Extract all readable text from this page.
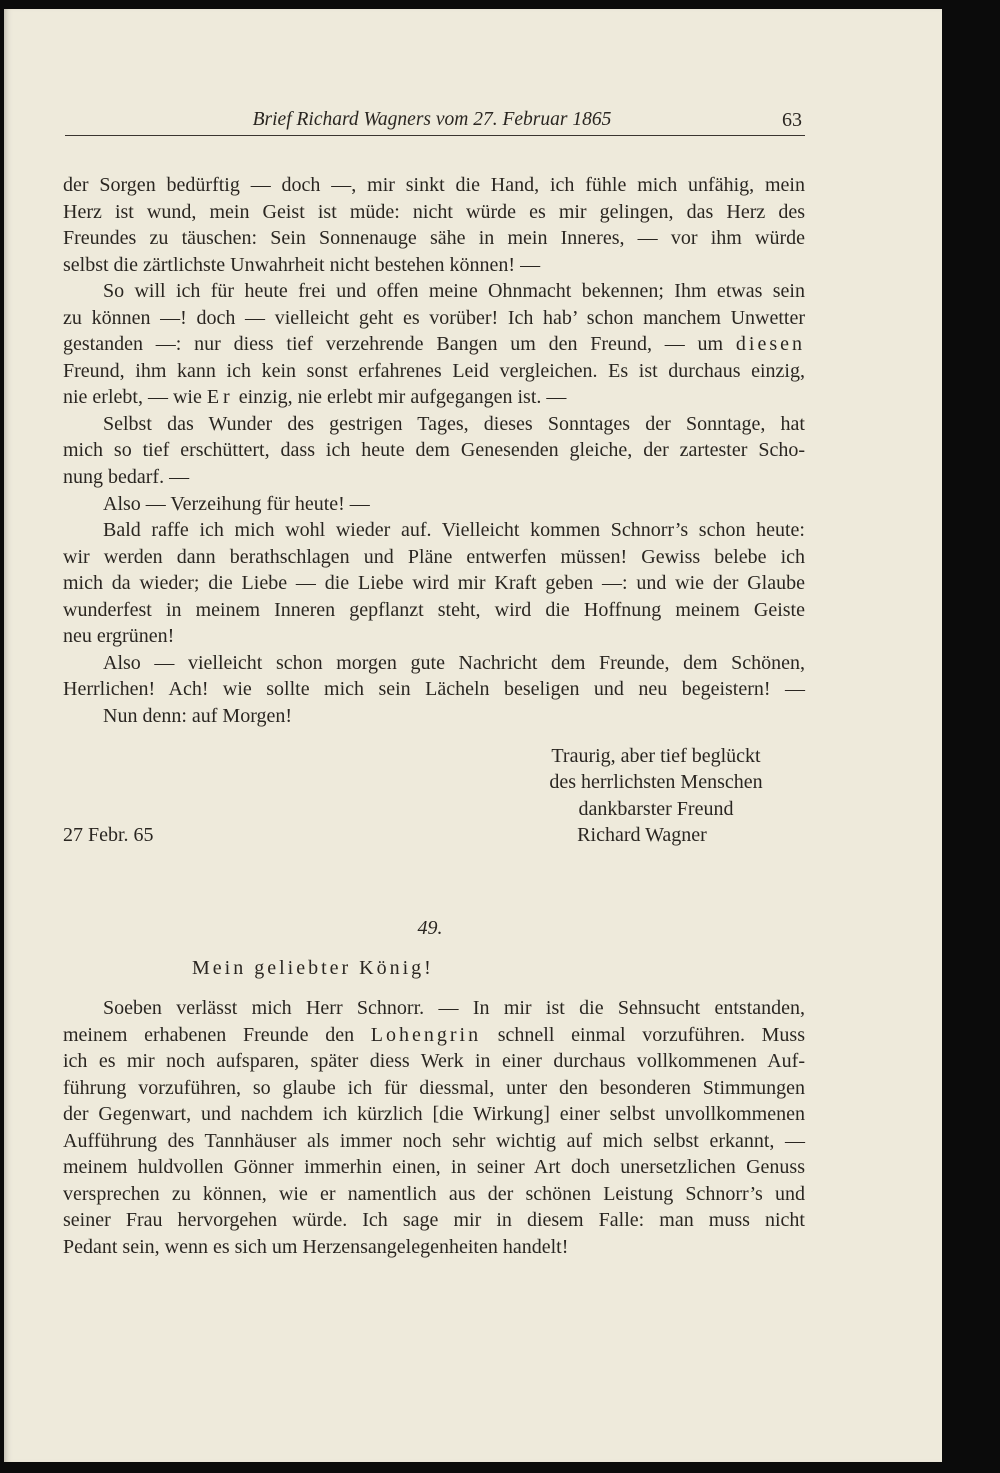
Brief Richard Wagners vom 27. Februar 1865	63
der Sorgen bedürftig — doch —, mir sinkt die Hand, ich fühle mich unfähig, mein
Herz ist wund, mein Geist ist müde: nicht würde es mir gelingen, das Herz des
Freundes zu täuschen: Sein Sonnenauge sähe in mein Inneres, — vor ihm würde
selbst die zärtlichste Unwahrheit nicht bestehen können! —
So will ich für heute frei und offen meine Ohnmacht bekennen; Ihm etwas sein
zu können —! doch — vielleicht geht es vorüber! Ich hab’ schon manchem Unwetter
gestanden —: nur diess tief verzehrende Bangen um den Freund, — um diesen
Freund, ihm kann ich kein sonst erfahrenes Leid vergleichen. Es ist durchaus einzig,
nie erlebt, — wie Er einzig, nie erlebt mir aufgegangen ist. —
Selbst das Wunder des gestrigen Tages, dieses Sonntages der Sonntage, hat
mich so tief erschüttert, dass ich heute dem Genesenden gleiche, der zartester Scho-
nung bedarf. —
Also — Verzeihung für heute! —
Bald raffe ich mich wohl wieder auf. Vielleicht kommen Schnorr’s schon heute:
wir werden dann berathschlagen und Pläne entwerfen müssen! Gewiss belebe ich
mich da wieder; die Liebe — die Liebe wird mir Kraft geben —: und wie der Glaube
wunderfest in meinem Inneren gepflanzt steht, wird die Hoffnung meinem Geiste
neu ergrünen!
Also — vielleicht schon morgen gute Nachricht dem Freunde, dem Schönen,
Herrlichen! Ach! wie sollte mich sein Lächeln beseligen und neu begeistern! —
Nun denn: auf Morgen!
Traurig, aber tief beglückt
des herrlichsten Menschen
dankbarster Freund
Richard Wagner
27 Febr. 65
49.
Mein geliebter König!
Soeben verlässt mich Herr Schnorr. — In mir ist die Sehnsucht entstanden,
meinem erhabenen Freunde den Lohengrin schnell einmal vorzuführen. Muss
ich es mir noch aufsparen, später diess Werk in einer durchaus vollkommenen Auf-
führung vorzuführen, so glaube ich für diessmal, unter den besonderen Stimmungen
der Gegenwart, und nachdem ich kürzlich [die Wirkung] einer selbst unvollkommenen
Aufführung des Tannhäuser als immer noch sehr wichtig auf mich selbst erkannt, —
meinem huldvollen Gönner immerhin einen, in seiner Art doch unersetzlichen Genuss
versprechen zu können, wie er namentlich aus der schönen Leistung Schnorr’s und
seiner Frau hervorgehen würde. Ich sage mir in diesem Falle: man muss nicht
Pedant sein, wenn es sich um Herzensangelegenheiten handelt!
